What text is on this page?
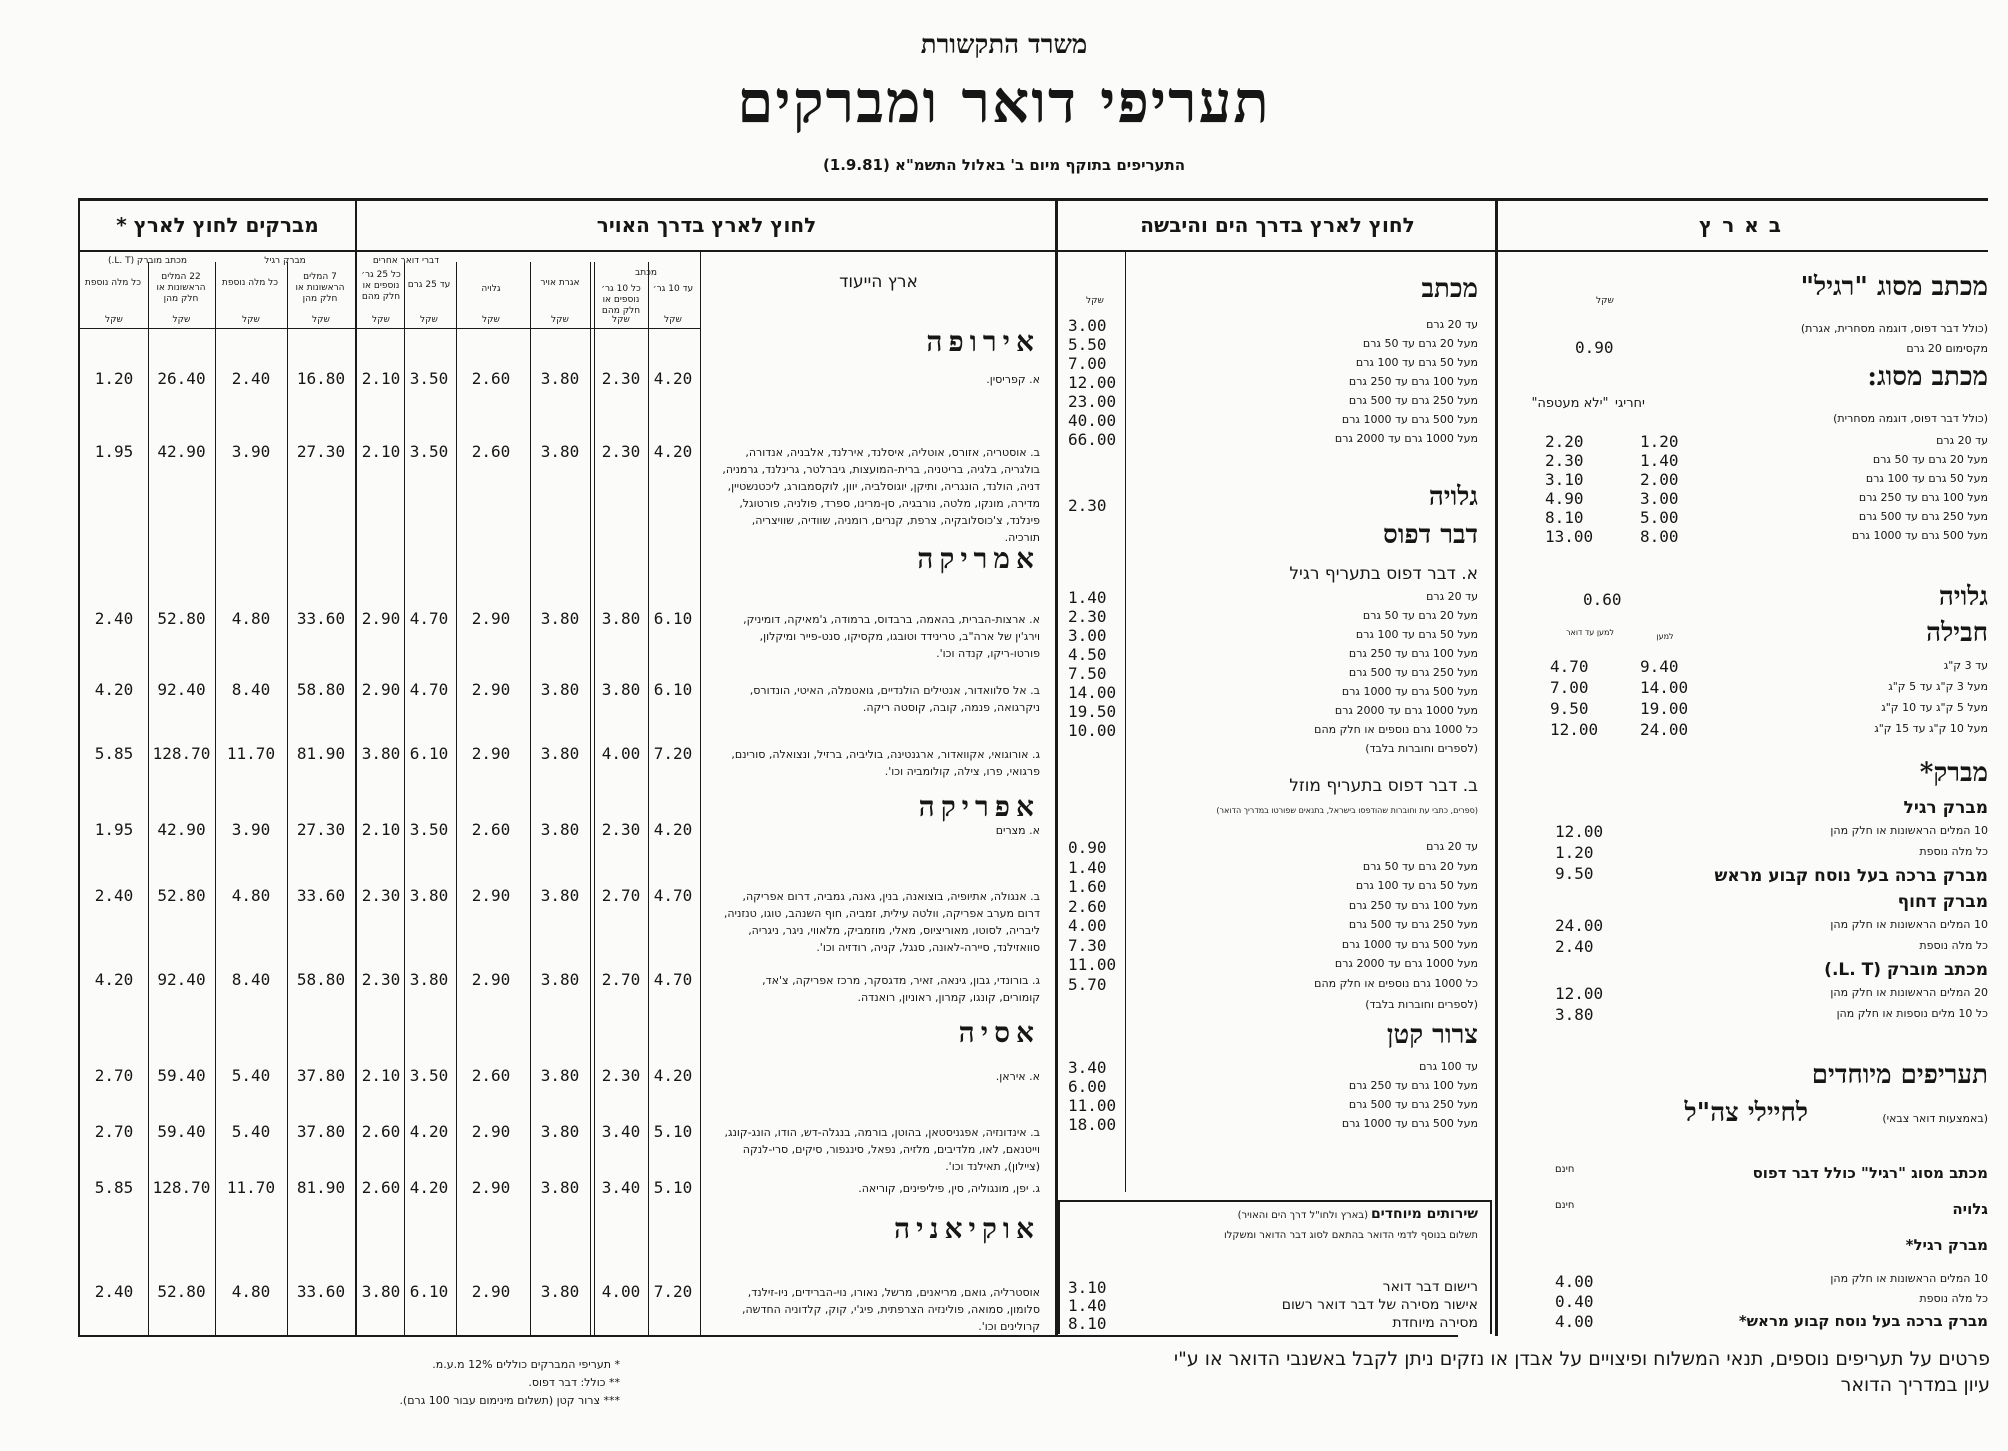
משרד התקשורת
תעריפי דואר ומברקים
התעריפים בתוקף מיום ב' באלול התשמ"א (1.9.81)
בארץ
לחוץ לארץ בדרך הים והיבשה
לחוץ לארץ בדרך האויר
מברקים לחוץ לארץ *
מכתב מסוג "רגיל"
שקל
(כולל דבר דפוס, דוגמה מסחרית, אגרת)
מקסימום 20 גרם
0.90
מכתב מסוג:
"ילא מעטפה" יחריגי
(כולל דבר דפוס, דוגמה מסחרית)
עד 20 גרם
1.20
2.20
מעל 20 גרם עד 50 גרם
1.40
2.30
מעל 50 גרם עד 100 גרם
2.00
3.10
מעל 100 גרם עד 250 גרם
3.00
4.90
מעל 250 גרם עד 500 גרם
5.00
8.10
מעל 500 גרם עד 1000 גרם
8.00
13.00
גלויה
0.60
חבילה
למען
למען עד דואר
עד 3 ק"ג
9.40
4.70
מעל 3 ק"ג עד 5 ק"ג
14.00
7.00
מעל 5 ק"ג עד 10 ק"ג
19.00
9.50
מעל 10 ק"ג עד 15 ק"ג
24.00
12.00
מברק*
מברק רגיל
10 המלים הראשונות או חלק מהן
12.00
כל מלה נוספת
1.20
מברק ברכה בעל נוסח קבוע מראש
9.50
מברק דחוף
10 המלים הראשונות או חלק מהן
24.00
כל מלה נוספת
2.40
מכתב מוברק (L. T.)
20 המלים הראשונות או חלק מהן
12.00
כל 10 מלים נוספות או חלק מהן
3.80
תעריפים מיוחדים
לחיילי צה"ל	(באמצעות דואר צבאי)
מכתב מסוג "רגיל" כולל דבר דפוס
חינם
גלויה
חינם
מברק רגיל*
10 המלים הראשונות או חלק מהן
4.00
כל מלה נוספת
0.40
מברק ברכה בעל נוסח קבוע מראש*
4.00
מכתב
שקל
עד 20 גרם
3.00
מעל 20 גרם עד 50 גרם
5.50
מעל 50 גרם עד 100 גרם
7.00
מעל 100 גרם עד 250 גרם
12.00
מעל 250 גרם עד 500 גרם
23.00
מעל 500 גרם עד 1000 גרם
40.00
מעל 1000 גרם עד 2000 גרם
66.00
גלויה
2.30
דבר דפוס
א. דבר דפוס בתעריף רגיל
עד 20 גרם
1.40
מעל 20 גרם עד 50 גרם
2.30
מעל 50 גרם עד 100 גרם
3.00
מעל 100 גרם עד 250 גרם
4.50
מעל 250 גרם עד 500 גרם
7.50
מעל 500 גרם עד 1000 גרם
14.00
מעל 1000 גרם עד 2000 גרם
19.50
כל 1000 גרם נוספים או חלק מהם
10.00
(לספרים וחוברות בלבד)
ב. דבר דפוס בתעריף מוזל
(ספרים, כתבי עת וחוברות שהודפסו בישראל, בתנאים שפורטו במדריך הדואר)
עד 20 גרם
0.90
מעל 20 גרם עד 50 גרם
1.40
מעל 50 גרם עד 100 גרם
1.60
מעל 100 גרם עד 250 גרם
2.60
מעל 250 גרם עד 500 גרם
4.00
מעל 500 גרם עד 1000 גרם
7.30
מעל 1000 גרם עד 2000 גרם
11.00
כל 1000 גרם נוספים או חלק מהם
5.70
(לספרים וחוברות בלבד)
צרור קטן
עד 100 גרם
3.40
מעל 100 גרם עד 250 גרם
6.00
מעל 250 גרם עד 500 גרם
11.00
מעל 500 גרם עד 1000 גרם
18.00
שירותים מיוחדים
(בארץ ולחו"ל דרך הים והאויר)
תשלום בנוסף לדמי הדואר בהתאם לסוג דבר הדואר ומשקלו
רישום דבר דואר
3.10
אישור מסירה של דבר דואר רשום
1.40
מסירה מיוחדת
8.10
ארץ הייעוד
מכתב
עד 10 גר׳
כל 10 גר׳ נוספים או חלק מהם
אגרת אויר
גלויה
דברי דואר אחרים
עד 25 גרם
כל 25 גר׳ נוספים או חלק מהם
מברק רגיל
7 המלים הראשונות או חלק מהן
כל מלה נוספת
מכתב מוברק (L. T.)
22 המלים הראשונות או חלק מהן
כל מלה נוספת
שקל
שקל
שקל
שקל
שקל
שקל
שקל
שקל
שקל
שקל
אירופה
א. קפריסין.
4.20
2.30
3.80
2.60
3.50
2.10
16.80
2.40
26.40
1.20
ב. אוסטריה, אזורס, אוטליה, איסלנד, אירלנד, אלבניה, אנדורה, בולגריה, בלגיה, בריטניה, ברית-המועצות, גיברלטר, גרינלנד, גרמניה, דניה, הולנד, הונגריה, ותיקן, יוגוסלביה, יוון, לוקסמבורג, ליכטנשטיין, מדירה, מונקו, מלטה, נורבגיה, סן-מרינו, ספרד, פולניה, פורטוגל, פינלנד, צ'כוסלובקיה, צרפת, קנרים, רומניה, שוודיה, שוויצריה, תורכיה.
4.20
2.30
3.80
2.60
3.50
2.10
27.30
3.90
42.90
1.95
אמריקה
א. ארצות-הברית, בהאמה, ברבדוס, ברמודה, ג'מאיקה, דומיניק, וירג'ין של ארה"ב, טרינידד וטובגו, מקסיקו, סנט-פייר ומיקלון, פורטו-ריקו, קנדה וכו'.
6.10
3.80
3.80
2.90
4.70
2.90
33.60
4.80
52.80
2.40
ב. אל סלוואדור, אנטילים הולנדיים, גואטמלה, האיטי, הונדורס, ניקרגואה, פנמה, קובה, קוסטה ריקה.
6.10
3.80
3.80
2.90
4.70
2.90
58.80
8.40
92.40
4.20
ג. אורוגואי, אקוואדור, ארגנטינה, בוליביה, ברזיל, ונצואלה, סורינם, פרגואי, פרו, צילה, קולומביה וכו'.
7.20
4.00
3.80
2.90
6.10
3.80
81.90
11.70
128.70
5.85
אפריקה
א. מצרים
4.20
2.30
3.80
2.60
3.50
2.10
27.30
3.90
42.90
1.95
ב. אנגולה, אתיופיה, בוצואנה, בנין, גאנה, גמביה, דרום אפריקה, דרום מערב אפריקה, וולטה עילית, זמביה, חוף השנהב, טוגו, טנזניה, ליבריה, לסוטו, מאוריציוס, מאלי, מוזמביק, מלאווי, ניגר, ניגריה, סוואזילנד, סיירה-לאונה, סנגל, קניה, רודזיה וכו'.
4.70
2.70
3.80
2.90
3.80
2.30
33.60
4.80
52.80
2.40
ג. בורונדי, גבון, גינאה, זאיר, מדגסקר, מרכז אפריקה, צ'אד, קומורים, קונגו, קמרון, ראוניון, רואנדה.
4.70
2.70
3.80
2.90
3.80
2.30
58.80
8.40
92.40
4.20
אסיה
א. איראן.
4.20
2.30
3.80
2.60
3.50
2.10
37.80
5.40
59.40
2.70
ב. אינדונזיה, אפגניסטאן, בהוטן, בורמה, בנגלה-דש, הודו, הונג-קונג, וייטנאם, לאו, מלדיבים, מלזיה, נפאל, סינגפור, סיקים, סרי-לנקה (ציילון), תאילנד וכו'.
5.10
3.40
3.80
2.90
4.20
2.60
37.80
5.40
59.40
2.70
ג. יפן, מונגוליה, סין, פיליפינים, קוריאה.
5.10
3.40
3.80
2.90
4.20
2.60
81.90
11.70
128.70
5.85
אוקיאניה
אוסטרליה, גואם, מריאנים, מרשל, נאורו, נוי-הברידים, ניו-זילנד, סלומון, סמואה, פולינזיה הצרפתית, פיג'י, קוק, קלדוניה החדשה, קרולינים וכו'.
7.20
4.00
3.80
2.90
6.10
3.80
33.60
4.80
52.80
2.40
פרטים על תעריפים נוספים, תנאי המשלוח ופיצויים על אבדן או נזקים ניתן לקבל באשנבי הדואר או ע"י עיון במדריך הדואר
* תעריפי המברקים כוללים 12% מ.ע.מ.
** כולל: דבר דפוס.
*** צרור קטן (תשלום מינימום עבור 100 גרם).
